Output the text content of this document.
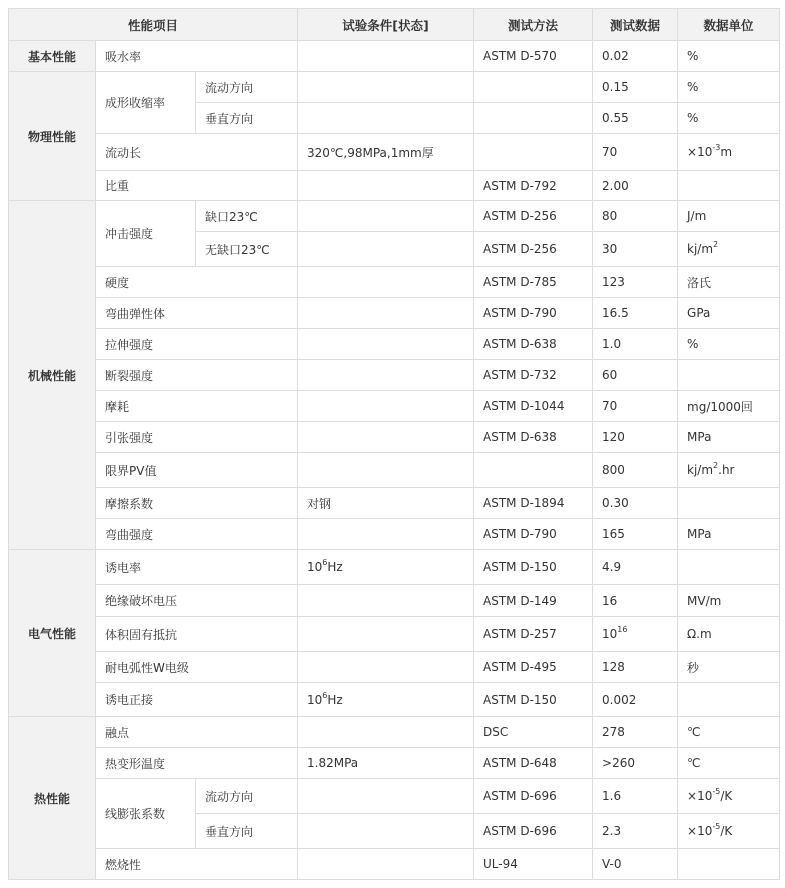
性能项目			试验条件[状态]	测试方法	测试数据	数据单位
基本性能	吸水率			ASTM D-570	0.02	%
物理性能	成形收缩率	流动方向			0.15	%
		垂直方向			0.55	%
	流动长		320℃,98MPa,1mm厚		70	$\times 10^{-3}m$
	比重			ASTM D-792	2.00	
机械性能	冲击强度	缺口23℃		ASTM D-256	80	J/m
		无缺口23℃		ASTM D-256	30	$kj/m^2$
	硬度			ASTM D-785	123	洛氏
	弯曲弹性体			ASTM D-790	16.5	GPa
	拉伸强度			ASTM D-638	1.0	%
	断裂强度			ASTM D-732	60	
	摩耗			ASTM D-1044	70	mg/1000回
	引张强度			ASTM D-638	120	MPa
	限界PV值				800	$kj/m^2.hr$
	摩擦系数		对钢	ASTM D-1894	0.30	
	弯曲强度			ASTM D-790	165	MPa
电气性能	诱电率		$10^6Hz$	ASTM D-150	4.9	
	绝缘破坏电压			ASTM D-149	16	MV/m
	体积固有抵抗			ASTM D-257	$10^{16}$	Ω.m
	耐电弧性W电级			ASTM D-495	128	秒
	诱电正接		$10^6Hz$	ASTM D-150	0.002	
热性能	融点			DSC	278	℃
	热变形温度		1.82MPa	ASTM D-648	>260	℃
	线膨张系数	流动方向		ASTM D-696	1.6	$\times 10^{-5}/K$
		垂直方向		ASTM D-696	2.3	$\times 10^{-5}/K$
	燃烧性			UL-94	V-0	
